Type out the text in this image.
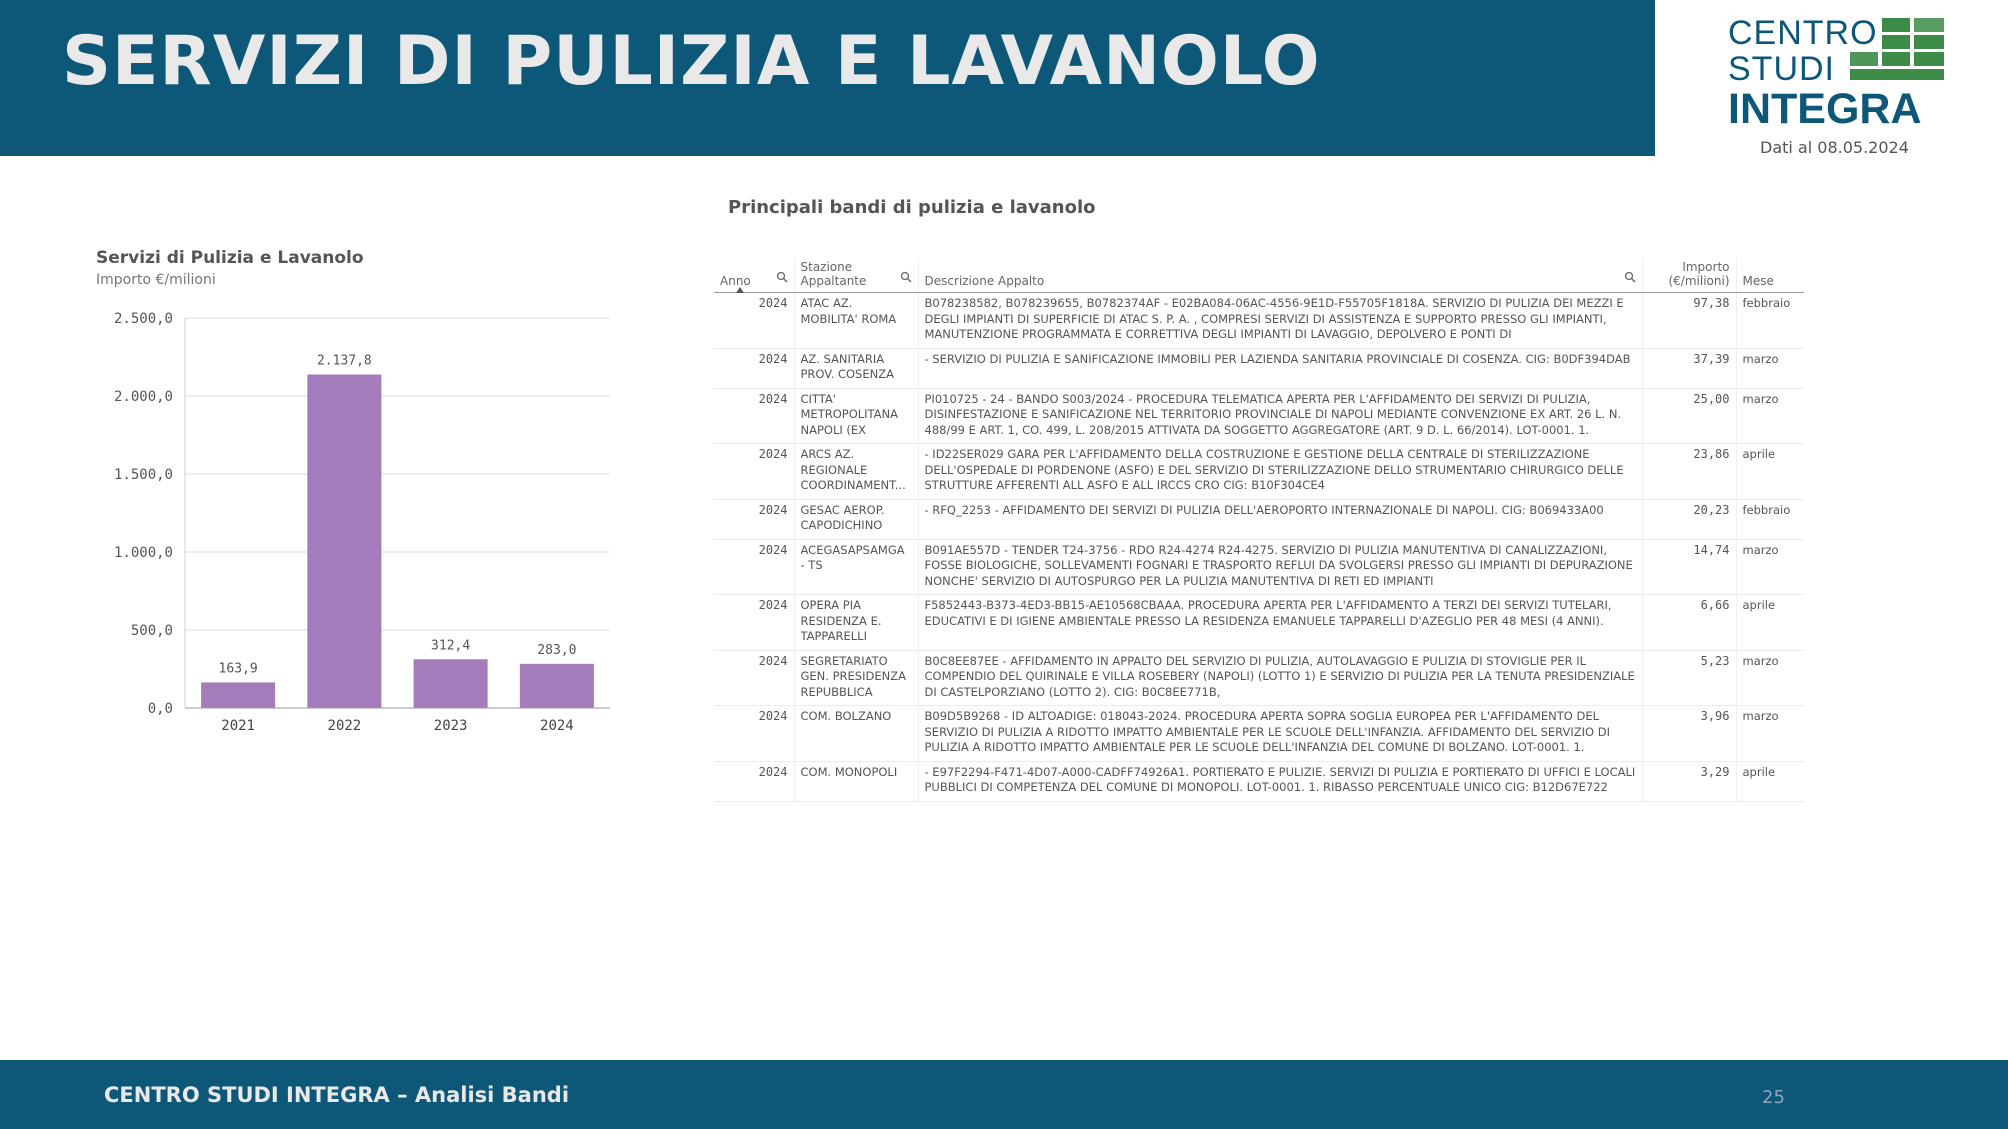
SERVIZI DI PULIZIA E LAVANOLO	CENTRO
STUDI
INTEGRA
Dati al 08.05.2024
Servizi di Pulizia e Lavanolo
Importo €/milioni
0,0
500,0
1.000,0
1.500,0
2.000,0
2.500,0
163,9
2021
2.137,8
2022
312,4
2023
283,0
2024
Principali bandi di pulizia e lavanolo
Anno	Stazione Appaltante	Descrizione Appalto	Importo (€/milioni)	Mese

2024	ATAC AZ. MOBILITA' ROMA	B078238582, B078239655, B0782374AF - E02BA084-06AC-4556-9E1D-F55705F1818A. SERVIZIO DI PULIZIA DEI MEZZI E DEGLI IMPIANTI DI SUPERFICIE DI ATAC S. P. A. , COMPRESI SERVIZI DI ASSISTENZA E SUPPORTO PRESSO GLI IMPIANTI, MANUTENZIONE PROGRAMMATA E CORRETTIVA DEGLI IMPIANTI DI LAVAGGIO, DEPOLVERO E PONTI DI	97,38	febbraio

2024	AZ. SANITARIA PROV. COSENZA	- SERVIZIO DI PULIZIA E SANIFICAZIONE IMMOBILI PER LAZIENDA SANITARIA PROVINCIALE DI COSENZA. CIG: B0DF394DAB	37,39	marzo

2024	CITTA' METROPOLITANA NAPOLI (EX	PI010725 - 24 - BANDO S003/2024 - PROCEDURA TELEMATICA APERTA PER L'AFFIDAMENTO DEI SERVIZI DI PULIZIA, DISINFESTAZIONE E SANIFICAZIONE NEL TERRITORIO PROVINCIALE DI NAPOLI MEDIANTE CONVENZIONE EX ART. 26 L. N. 488/99 E ART. 1, CO. 499, L. 208/2015 ATTIVATA DA SOGGETTO AGGREGATORE (ART. 9 D. L. 66/2014). LOT-0001. 1.	25,00	marzo

2024	ARCS AZ. REGIONALE COORDINAMENT...	- ID22SER029 GARA PER L'AFFIDAMENTO DELLA COSTRUZIONE E GESTIONE DELLA CENTRALE DI STERILIZZAZIONE DELL'OSPEDALE DI PORDENONE (ASFO) E DEL SERVIZIO DI STERILIZZAZIONE DELLO STRUMENTARIO CHIRURGICO DELLE STRUTTURE AFFERENTI ALL ASFO E ALL IRCCS CRO CIG: B10F304CE4	23,86	aprile

2024	GESAC AEROP. CAPODICHINO	- RFQ_2253 - AFFIDAMENTO DEI SERVIZI DI PULIZIA DELL'AEROPORTO INTERNAZIONALE DI NAPOLI. CIG: B069433A00	20,23	febbraio

2024	ACEGASAPSAMGA - TS	B091AE557D - TENDER T24-3756 - RDO R24-4274 R24-4275. SERVIZIO DI PULIZIA MANUTENTIVA DI CANALIZZAZIONI, FOSSE BIOLOGICHE, SOLLEVAMENTI FOGNARI E TRASPORTO REFLUI DA SVOLGERSI PRESSO GLI IMPIANTI DI DEPURAZIONE NONCHE' SERVIZIO DI AUTOSPURGO PER LA PULIZIA MANUTENTIVA DI RETI ED IMPIANTI	14,74	marzo

2024	OPERA PIA RESIDENZA E. TAPPARELLI	F5852443-B373-4ED3-BB15-AE10568CBAAA. PROCEDURA APERTA PER L'AFFIDAMENTO A TERZI DEI SERVIZI TUTELARI, EDUCATIVI E DI IGIENE AMBIENTALE PRESSO LA RESIDENZA EMANUELE TAPPARELLI D'AZEGLIO PER 48 MESI (4 ANNI).	6,66	aprile

2024	SEGRETARIATO GEN. PRESIDENZA REPUBBLICA	B0C8EE87EE - AFFIDAMENTO IN APPALTO DEL SERVIZIO DI PULIZIA, AUTOLAVAGGIO E PULIZIA DI STOVIGLIE PER IL COMPENDIO DEL QUIRINALE E VILLA ROSEBERY (NAPOLI) (LOTTO 1) E SERVIZIO DI PULIZIA PER LA TENUTA PRESIDENZIALE DI CASTELPORZIANO (LOTTO 2). CIG: B0C8EE771B,	5,23	marzo

2024	COM. BOLZANO	B09D5B9268 - ID ALTOADIGE: 018043-2024. PROCEDURA APERTA SOPRA SOGLIA EUROPEA PER L'AFFIDAMENTO DEL SERVIZIO DI PULIZIA A RIDOTTO IMPATTO AMBIENTALE PER LE SCUOLE DELL'INFANZIA. AFFIDAMENTO DEL SERVIZIO DI PULIZIA A RIDOTTO IMPATTO AMBIENTALE PER LE SCUOLE DELL'INFANZIA DEL COMUNE DI BOLZANO. LOT-0001. 1.	3,96	marzo

2024	COM. MONOPOLI	- E97F2294-F471-4D07-A000-CADFF74926A1. PORTIERATO E PULIZIE. SERVIZI DI PULIZIA E PORTIERATO DI UFFICI E LOCALI PUBBLICI DI COMPETENZA DEL COMUNE DI MONOPOLI. LOT-0001. 1. RIBASSO PERCENTUALE UNICO CIG: B12D67E722	3,29	aprile
CENTRO STUDI INTEGRA – Analisi Bandi	25
